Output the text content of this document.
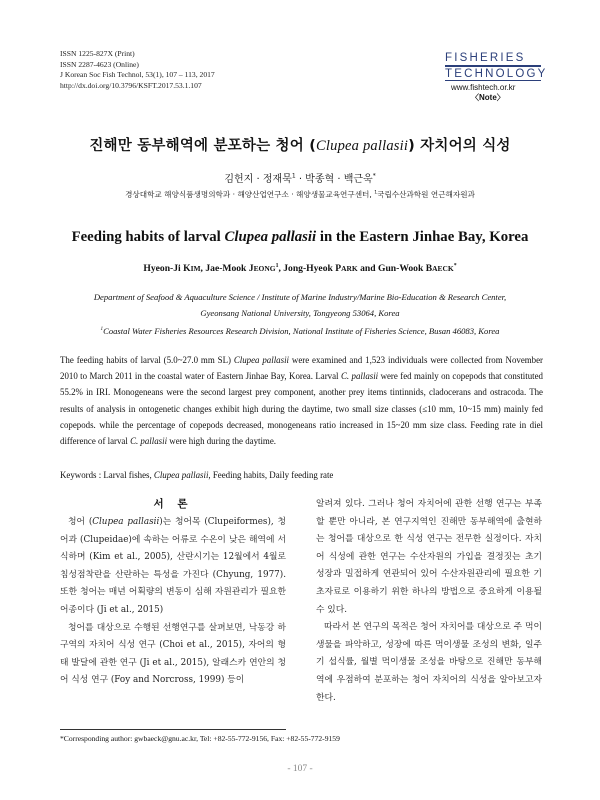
ISSN 1225-827X (Print)
ISSN 2287-4623 (Online)
J Korean Soc Fish Technol, 53(1), 107 – 113, 2017
http://dx.doi.org/10.3796/KSFT.2017.53.1.107
FISHERIES
TECHNOLOGY
www.fishtech.or.kr
〈Note〉
진해만 동부해역에 분포하는 청어 (Clupea pallasii) 자치어의 식성
김헌지 · 정재묵$^1$ · 박종혁 · 백근욱*
경상대학교 해양식품생명의학과 · 해양산업연구소 · 해양생물교육연구센터, $^1$국립수산과학원 연근해자원과
Feeding habits of larval Clupea pallasii in the Eastern Jinhae Bay, Korea
Hyeon-Ji KIM, Jae-Mook JEONG$^1$, Jong-Hyeok PARK and Gun-Wook BAECK*
Department of Seafood & Aquaculture Science / Institute of Marine Industry/Marine Bio-Education & Research Center,
Gyeonsang National University, Tongyeong 53064, Korea
$^1$Coastal Water Fisheries Resources Research Division, National Institute of Fisheries Science, Busan 46083, Korea
The feeding habits of larval (5.0~27.0 mm SL) Clupea pallasii were examined and 1,523 individuals were collected from November 2010 to March 2011 in the coastal water of Eastern Jinhae Bay, Korea. Larval C. pallasii were fed mainly on copepods that constituted 55.2% in IRI. Monogeneans were the second largest prey component, another prey items tintinnids, cladocerans and ostracoda. The results of analysis in ontogenetic changes exhibit high during the daytime, two small size classes (≤10 mm, 10~15 mm) mainly fed copepods. while the percentage of copepods decreased, monogeneans ratio increased in 15~20 mm size class. Feeding rate in diel difference of larval C. pallasii were high during the daytime.
Keywords : Larval fishes, Clupea pallasii, Feeding habits, Daily feeding rate
서 론

청어 (Clupea pallasii)는 청어목 (Clupeiformes), 청어과 (Clupeidae)에 속하는 어류로 수온이 낮은 해역에 서식하며 (Kim et al., 2005), 산란시기는 12월에서 4월로 침성점착란을 산란하는 특성을 가진다 (Chyung, 1977). 또한 청어는 매년 어획량의 변동이 심해 자원관리가 필요한 어종이다 (Ji et al., 2015)

청어를 대상으로 수행된 선행연구를 살펴보면, 낙동강 하구역의 자치어 식성 연구 (Choi et al., 2015), 자어의 형태 발달에 관한 연구 (Ji et al., 2015), 알래스카 연안의 청어 식성 연구 (Foy and Norcross, 1999) 등이

알려져 있다. 그러나 청어 자치어에 관한 선행 연구는 부족할 뿐만 아니라, 본 연구지역인 진해만 동부해역에 출현하는 청어를 대상으로 한 식성 연구는 전무한 실정이다. 자치어 식성에 관한 연구는 수산자원의 가입을 결정짓는 초기 성장과 밀접하게 연관되어 있어 수산자원관리에 필요한 기초자료로 이용하기 위한 하나의 방법으로 중요하게 이용될 수 있다.

따라서 본 연구의 목적은 청어 자치어를 대상으로 주 먹이생물을 파악하고, 성장에 따른 먹이생물 조성의 변화, 일주기 섭식률, 월별 먹이생물 조성을 바탕으로 진해만 동부해역에 우점하여 분포하는 청어 자치어의 식성을 알아보고자 한다.

*Corresponding author: gwbaeck@gnu.ac.kr, Tel: +82-55-772-9156, Fax: +82-55-772-9159
- 107 -
